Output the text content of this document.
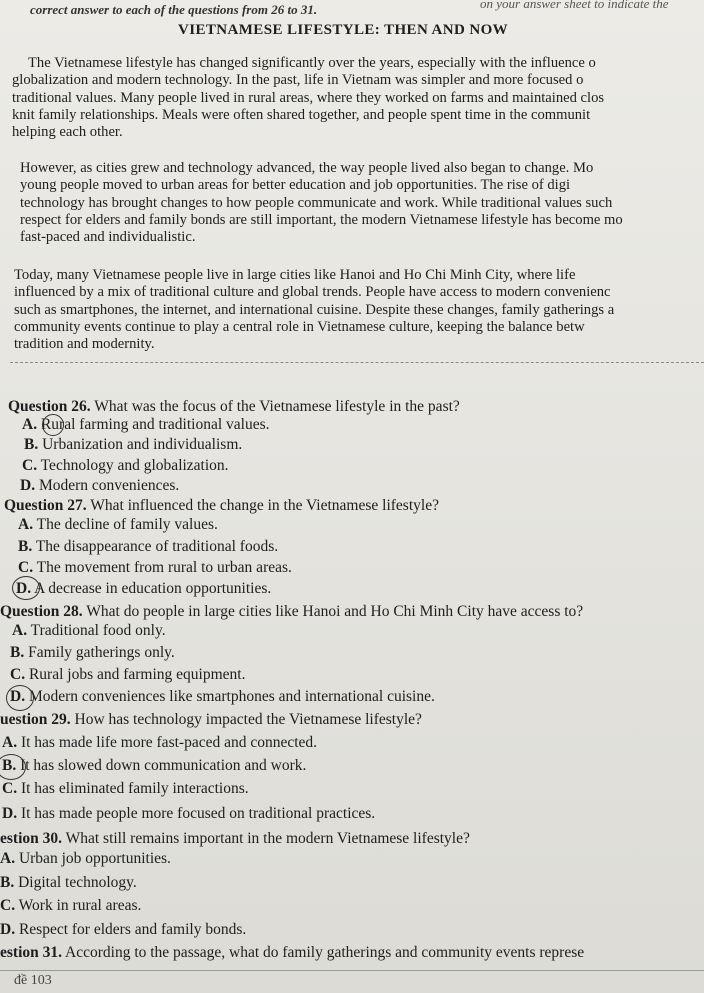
correct answer to each of the questions from 26 to 31.	on your answer sheet to indicate the
VIETNAMESE LIFESTYLE: THEN AND NOW
The Vietnamese lifestyle has changed significantly over the years, especially with the influence o
globalization and modern technology. In the past, life in Vietnam was simpler and more focused o
traditional values. Many people lived in rural areas, where they worked on farms and maintained clos
knit family relationships. Meals were often shared together, and people spent time in the communit
helping each other.
However, as cities grew and technology advanced, the way people lived also began to change. Mo
young people moved to urban areas for better education and job opportunities. The rise of digi
technology has brought changes to how people communicate and work. While traditional values such
respect for elders and family bonds are still important, the modern Vietnamese lifestyle has become mo
fast-paced and individualistic.
Today, many Vietnamese people live in large cities like Hanoi and Ho Chi Minh City, where life
influenced by a mix of traditional culture and global trends. People have access to modern convenienc
such as smartphones, the internet, and international cuisine. Despite these changes, family gatherings a
community events continue to play a central role in Vietnamese culture, keeping the balance betw
tradition and modernity.
Question 26. What was the focus of the Vietnamese lifestyle in the past?
A. Rural farming and traditional values.
B. Urbanization and individualism.
C. Technology and globalization.
D. Modern conveniences.
Question 27. What influenced the change in the Vietnamese lifestyle?
A. The decline of family values.
B. The disappearance of traditional foods.
C. The movement from rural to urban areas.
D. A decrease in education opportunities.
Question 28. What do people in large cities like Hanoi and Ho Chi Minh City have access to?
A. Traditional food only.
B. Family gatherings only.
C. Rural jobs and farming equipment.
D. Modern conveniences like smartphones and international cuisine.
uestion 29. How has technology impacted the Vietnamese lifestyle?
A. It has made life more fast-paced and connected.
B. It has slowed down communication and work.
C. It has eliminated family interactions.
D. It has made people more focused on traditional practices.
estion 30. What still remains important in the modern Vietnamese lifestyle?
A. Urban job opportunities.
B. Digital technology.
C. Work in rural areas.
D. Respect for elders and family bonds.
estion 31. According to the passage, what do family gatherings and community events represe
đề 103
